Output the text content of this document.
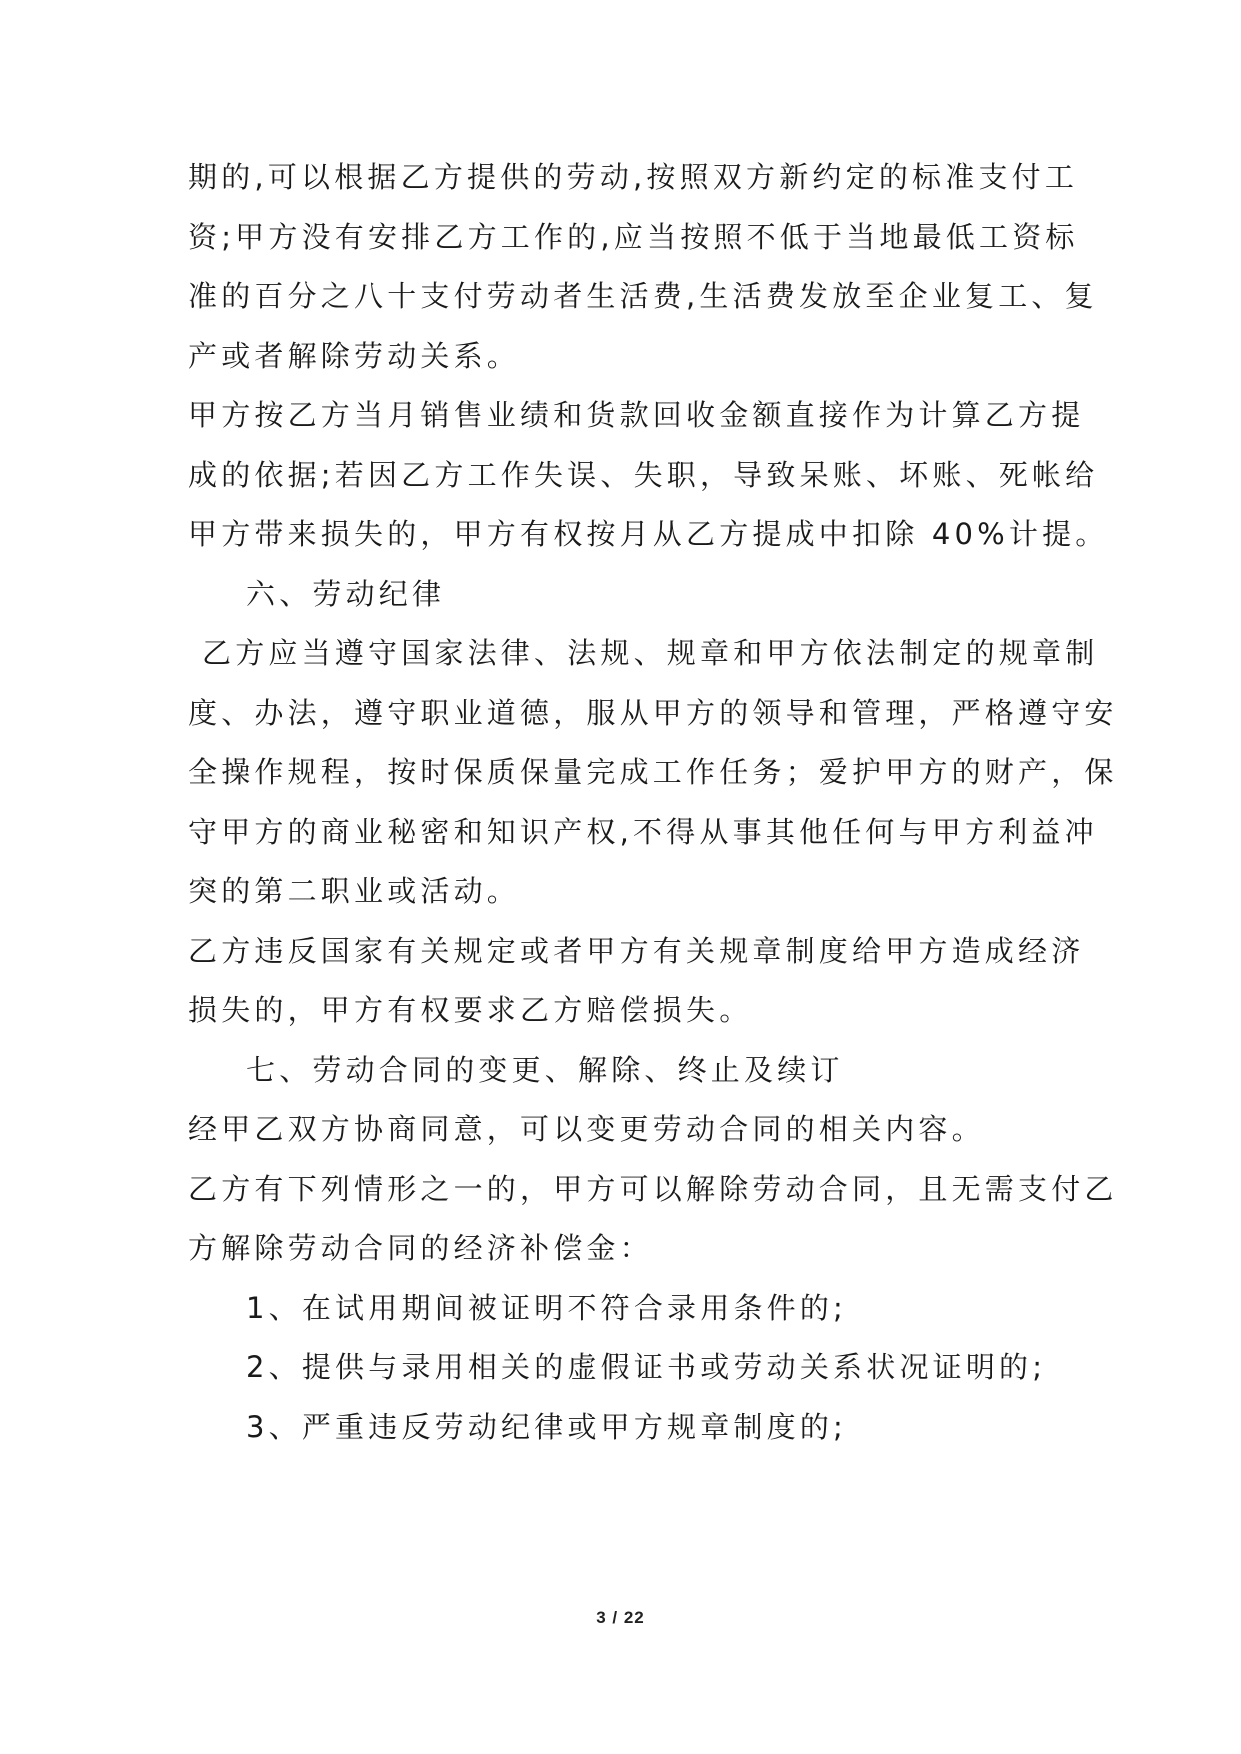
期的,可以根据乙方提供的劳动,按照双方新约定的标准支付工
资;甲方没有安排乙方工作的,应当按照不低于当地最低工资标
准的百分之八十支付劳动者生活费,生活费发放至企业复工、复
产或者解除劳动关系。
甲方按乙方当月销售业绩和货款回收金额直接作为计算乙方提
成的依据;若因乙方工作失误、失职，导致呆账、坏账、死帐给
甲方带来损失的，甲方有权按月从乙方提成中扣除 40%计提。
六、劳动纪律
乙方应当遵守国家法律、法规、规章和甲方依法制定的规章制
度、办法，遵守职业道德，服从甲方的领导和管理，严格遵守安
全操作规程，按时保质保量完成工作任务；爱护甲方的财产，保
守甲方的商业秘密和知识产权,不得从事其他任何与甲方利益冲
突的第二职业或活动。
乙方违反国家有关规定或者甲方有关规章制度给甲方造成经济
损失的，甲方有权要求乙方赔偿损失。
七、劳动合同的变更、解除、终止及续订
经甲乙双方协商同意，可以变更劳动合同的相关内容。
乙方有下列情形之一的，甲方可以解除劳动合同，且无需支付乙
方解除劳动合同的经济补偿金：
1、在试用期间被证明不符合录用条件的;
2、提供与录用相关的虚假证书或劳动关系状况证明的;
3、严重违反劳动纪律或甲方规章制度的;
3 / 22
